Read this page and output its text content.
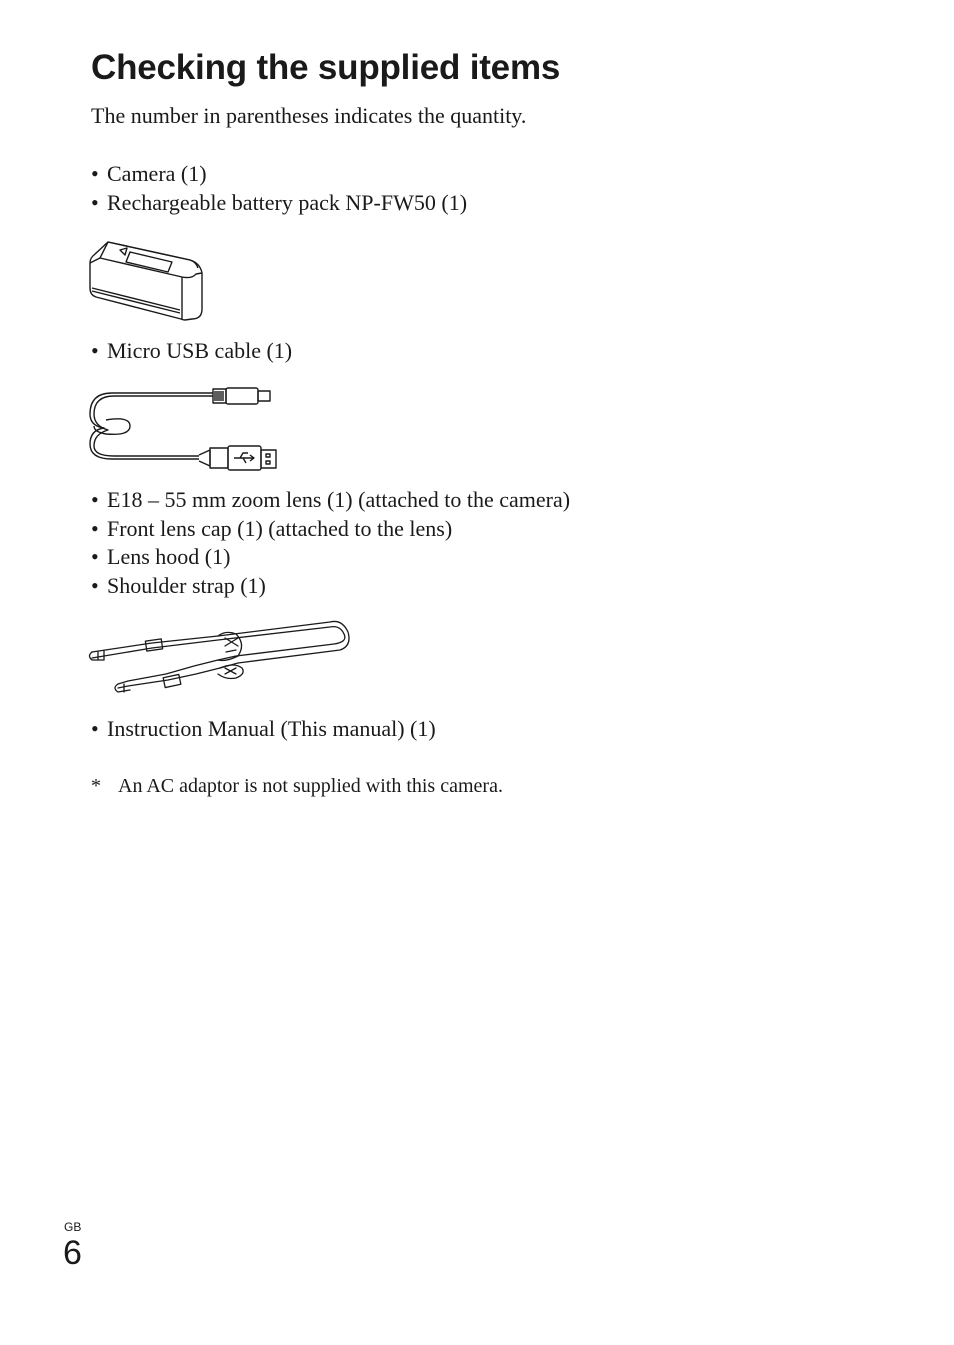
Checking the supplied items
The number in parentheses indicates the quantity.
• Camera (1)
• Rechargeable battery pack NP-FW50 (1)
• Micro USB cable (1)
• E18 – 55 mm zoom lens (1) (attached to the camera)
• Front lens cap (1) (attached to the lens)
• Lens hood (1)
• Shoulder strap (1)
• Instruction Manual (This manual) (1)
* An AC adaptor is not supplied with this camera.
GB
6
